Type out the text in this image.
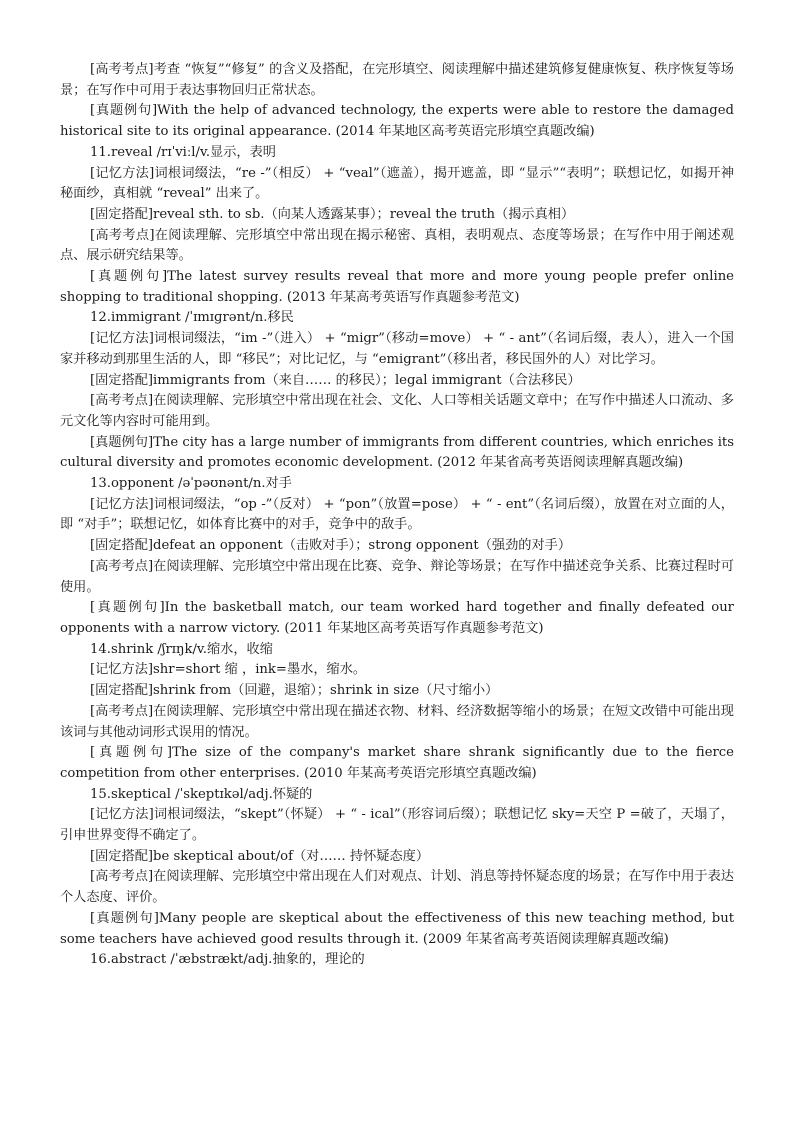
[高考考点]考查 “恢复”“修复” 的含义及搭配，在完形填空、阅读理解中描述建筑修复健康恢复、秩序恢复等场景；在写作中可用于表达事物回归正常状态。

[真题例句]With the help of advanced technology, the experts were able to restore the damaged historical site to its original appearance. (2014 年某地区高考英语完形填空真题改编)

11.reveal /rɪˈviːl/v.显示，表明

[记忆方法]词根词缀法，“re -”（相反） + “veal”（遮盖），揭开遮盖，即 “显示”“表明”；联想记忆，如揭开神秘面纱，真相就 “reveal” 出来了。

[固定搭配]reveal sth. to sb.（向某人透露某事）；reveal the truth（揭示真相）

[高考考点]在阅读理解、完形填空中常出现在揭示秘密、真相，表明观点、态度等场景；在写作中用于阐述观点、展示研究结果等。

[真题例句]The latest survey results reveal that more and more young people prefer online shopping to traditional shopping. (2013 年某高考英语写作真题参考范文)

12.immigrant /ˈɪmɪɡrənt/n.移民

[记忆方法]词根词缀法，“im -”（进入） + “migr”（移动=move） + “ - ant”（名词后缀，表人），进入一个国家并移动到那里生活的人，即 “移民”；对比记忆，与 “emigrant”（移出者，移民国外的人）对比学习。

[固定搭配]immigrants from（来自…… 的移民）；legal immigrant（合法移民）

[高考考点]在阅读理解、完形填空中常出现在社会、文化、人口等相关话题文章中；在写作中描述人口流动、多元文化等内容时可能用到。

[真题例句]The city has a large number of immigrants from different countries, which enriches its cultural diversity and promotes economic development. (2012 年某省高考英语阅读理解真题改编)

13.opponent /əˈpəʊnənt/n.对手

[记忆方法]词根词缀法，“op -”（反对） + “pon”（放置=pose） + “ - ent”（名词后缀），放置在对立面的人，即 “对手”；联想记忆，如体育比赛中的对手，竞争中的敌手。

[固定搭配]defeat an opponent（击败对手）；strong opponent（强劲的对手）

[高考考点]在阅读理解、完形填空中常出现在比赛、竞争、辩论等场景；在写作中描述竞争关系、比赛过程时可使用。

[真题例句]In the basketball match, our team worked hard together and finally defeated our opponents with a narrow victory. (2011 年某地区高考英语写作真题参考范文)

14.shrink /ʃrɪŋk/v.缩水，收缩

[记忆方法]shr=short 缩 ，ink=墨水，缩水。

[固定搭配]shrink from（回避，退缩）；shrink in size（尺寸缩小）

[高考考点]在阅读理解、完形填空中常出现在描述衣物、材料、经济数据等缩小的场景；在短文改错中可能出现该词与其他动词形式误用的情况。

[真题例句]The size of the company's market share shrank significantly due to the fierce competition from other enterprises. (2010 年某高考英语完形填空真题改编)

15.skeptical /ˈskeptɪkəl/adj.怀疑的

[记忆方法]词根词缀法，“skept”（怀疑） + “ - ical”（形容词后缀）；联想记忆 sky=天空 P =破了，天塌了，引申世界变得不确定了。

[固定搭配]be skeptical about/of（对…… 持怀疑态度）

[高考考点]在阅读理解、完形填空中常出现在人们对观点、计划、消息等持怀疑态度的场景；在写作中用于表达个人态度、评价。

[真题例句]Many people are skeptical about the effectiveness of this new teaching method, but some teachers have achieved good results through it. (2009 年某省高考英语阅读理解真题改编)

16.abstract /ˈæbstrækt/adj.抽象的，理论的
